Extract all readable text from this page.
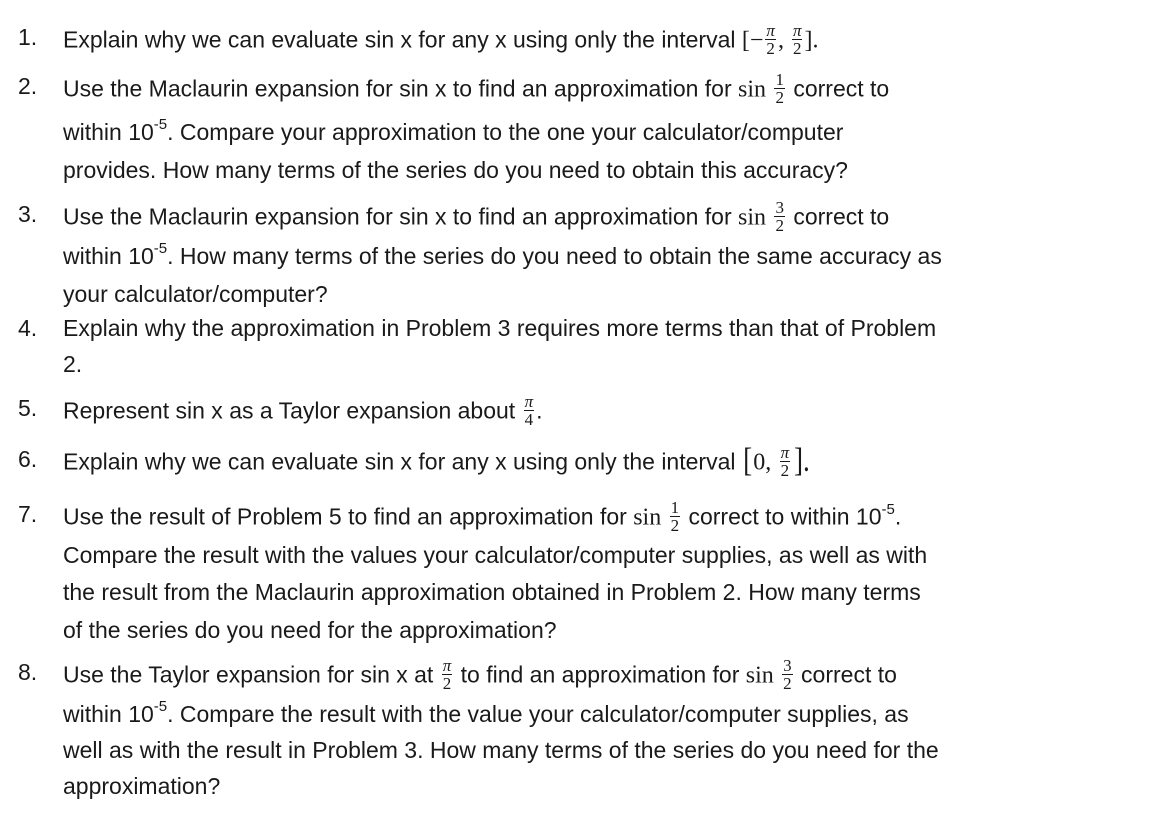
1. Explain why we can evaluate sin x for any x using only the interval [− $\frac{\pi}{2}$ , $\frac{\pi}{2}$ ].
2. Use the Maclaurin expansion for sin x to find an approximation for $\sin \frac{1}{2}$ correct to
within $10^{-5}$. Compare your approximation to the one your calculator/computer
provides. How many terms of the series do you need to obtain this accuracy?
3. Use the Maclaurin expansion for sin x to find an approximation for $\sin \frac{3}{2}$ correct to
within $10^{-5}$. How many terms of the series do you need to obtain the same accuracy as
your calculator/computer?
4. Explain why the approximation in Problem 3 requires more terms than that of Problem
2.
5. Represent sin x as a Taylor expansion about $\frac{\pi}{4}$ .
6. Explain why we can evaluate sin x for any x using only the interval [0, $\frac{\pi}{2}$ ].
7. Use the result of Problem 5 to find an approximation for $\sin \frac{1}{2}$ correct to within $10^{-5}$.
Compare the result with the values your calculator/computer supplies, as well as with
the result from the Maclaurin approximation obtained in Problem 2. How many terms
of the series do you need for the approximation?
8. Use the Taylor expansion for sin x at $\frac{\pi}{2}$ to find an approximation for $\sin \frac{3}{2}$ correct to
within $10^{-5}$. Compare the result with the value your calculator/computer supplies, as
well as with the result in Problem 3. How many terms of the series do you need for the
approximation?
